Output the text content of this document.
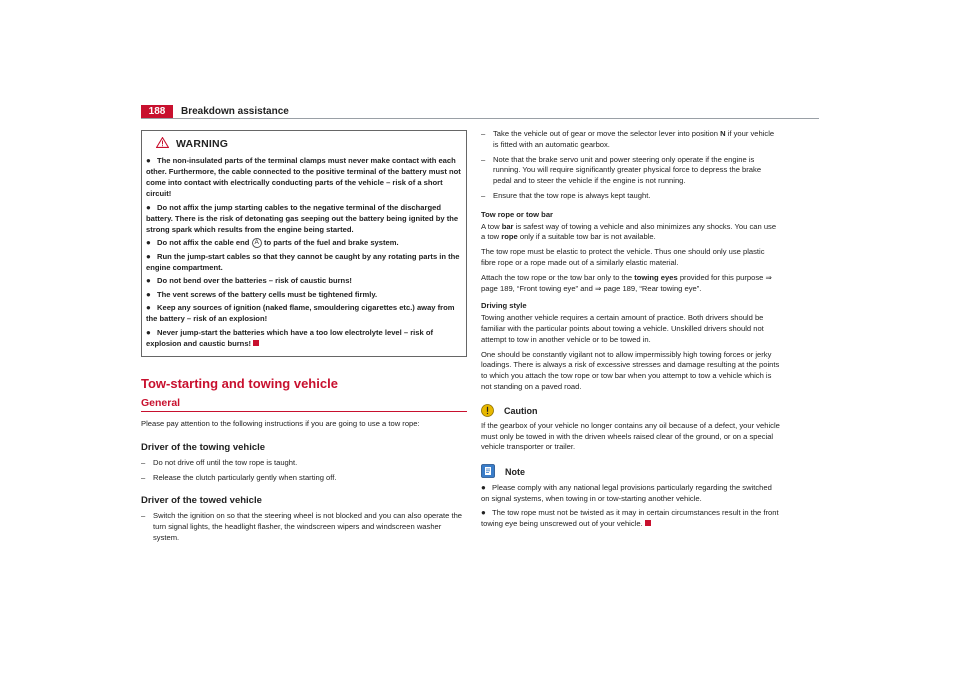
188	Breakdown assistance
WARNING
● The non-insulated parts of the terminal clamps must never make contact with each other. Furthermore, the cable connected to the positive terminal of the battery must not come into contact with electrically conducting parts of the vehicle – risk of a short circuit!
● Do not affix the jump starting cables to the negative terminal of the discharged battery. There is the risk of detonating gas seeping out the battery being ignited by the strong spark which results from the engine being started.
● Do not affix the cable end A to parts of the fuel and brake system.
● Run the jump-start cables so that they cannot be caught by any rotating parts in the engine compartment.
● Do not bend over the batteries – risk of caustic burns!
● The vent screws of the battery cells must be tightened firmly.
● Keep any sources of ignition (naked flame, smouldering cigarettes etc.) away from the battery – risk of an explosion!
● Never jump-start the batteries which have a too low electrolyte level – risk of explosion and caustic burns!
Tow-starting and towing vehicle
General
Please pay attention to the following instructions if you are going to use a tow rope:
Driver of the towing vehicle
– Do not drive off until the tow rope is taught.
– Release the clutch particularly gently when starting off.
Driver of the towed vehicle
– Switch the ignition on so that the steering wheel is not blocked and you can also operate the turn signal lights, the headlight flasher, the windscreen wipers and windscreen washer system.
– Take the vehicle out of gear or move the selector lever into position N if your vehicle is fitted with an automatic gearbox.
– Note that the brake servo unit and power steering only operate if the engine is running. You will require significantly greater physical force to depress the brake pedal and to steer the vehicle if the engine is not running.
– Ensure that the tow rope is always kept taught.
Tow rope or tow bar
A tow bar is safest way of towing a vehicle and also minimizes any shocks. You can use a tow rope only if a suitable tow bar is not available.
The tow rope must be elastic to protect the vehicle. Thus one should only use plastic fibre rope or a rope made out of a similarly elastic material.
Attach the tow rope or the tow bar only to the towing eyes provided for this purpose ⇒ page 189, “Front towing eye” and ⇒ page 189, “Rear towing eye”.
Driving style
Towing another vehicle requires a certain amount of practice. Both drivers should be familiar with the particular points about towing a vehicle. Unskilled drivers should not attempt to tow in another vehicle or to be towed in.
One should be constantly vigilant not to allow impermissibly high towing forces or jerky loadings. There is always a risk of excessive stresses and damage resulting at the points to which you attach the tow rope or tow bar when you attempt to tow a vehicle which is not standing on a paved road.
Caution
If the gearbox of your vehicle no longer contains any oil because of a defect, your vehicle must only be towed in with the driven wheels raised clear of the ground, or on a special vehicle transporter or trailer.
Note
● Please comply with any national legal provisions particularly regarding the switched on signal systems, when towing in or tow-starting another vehicle.
● The tow rope must not be twisted as it may in certain circumstances result in the front towing eye being unscrewed out of your vehicle.
